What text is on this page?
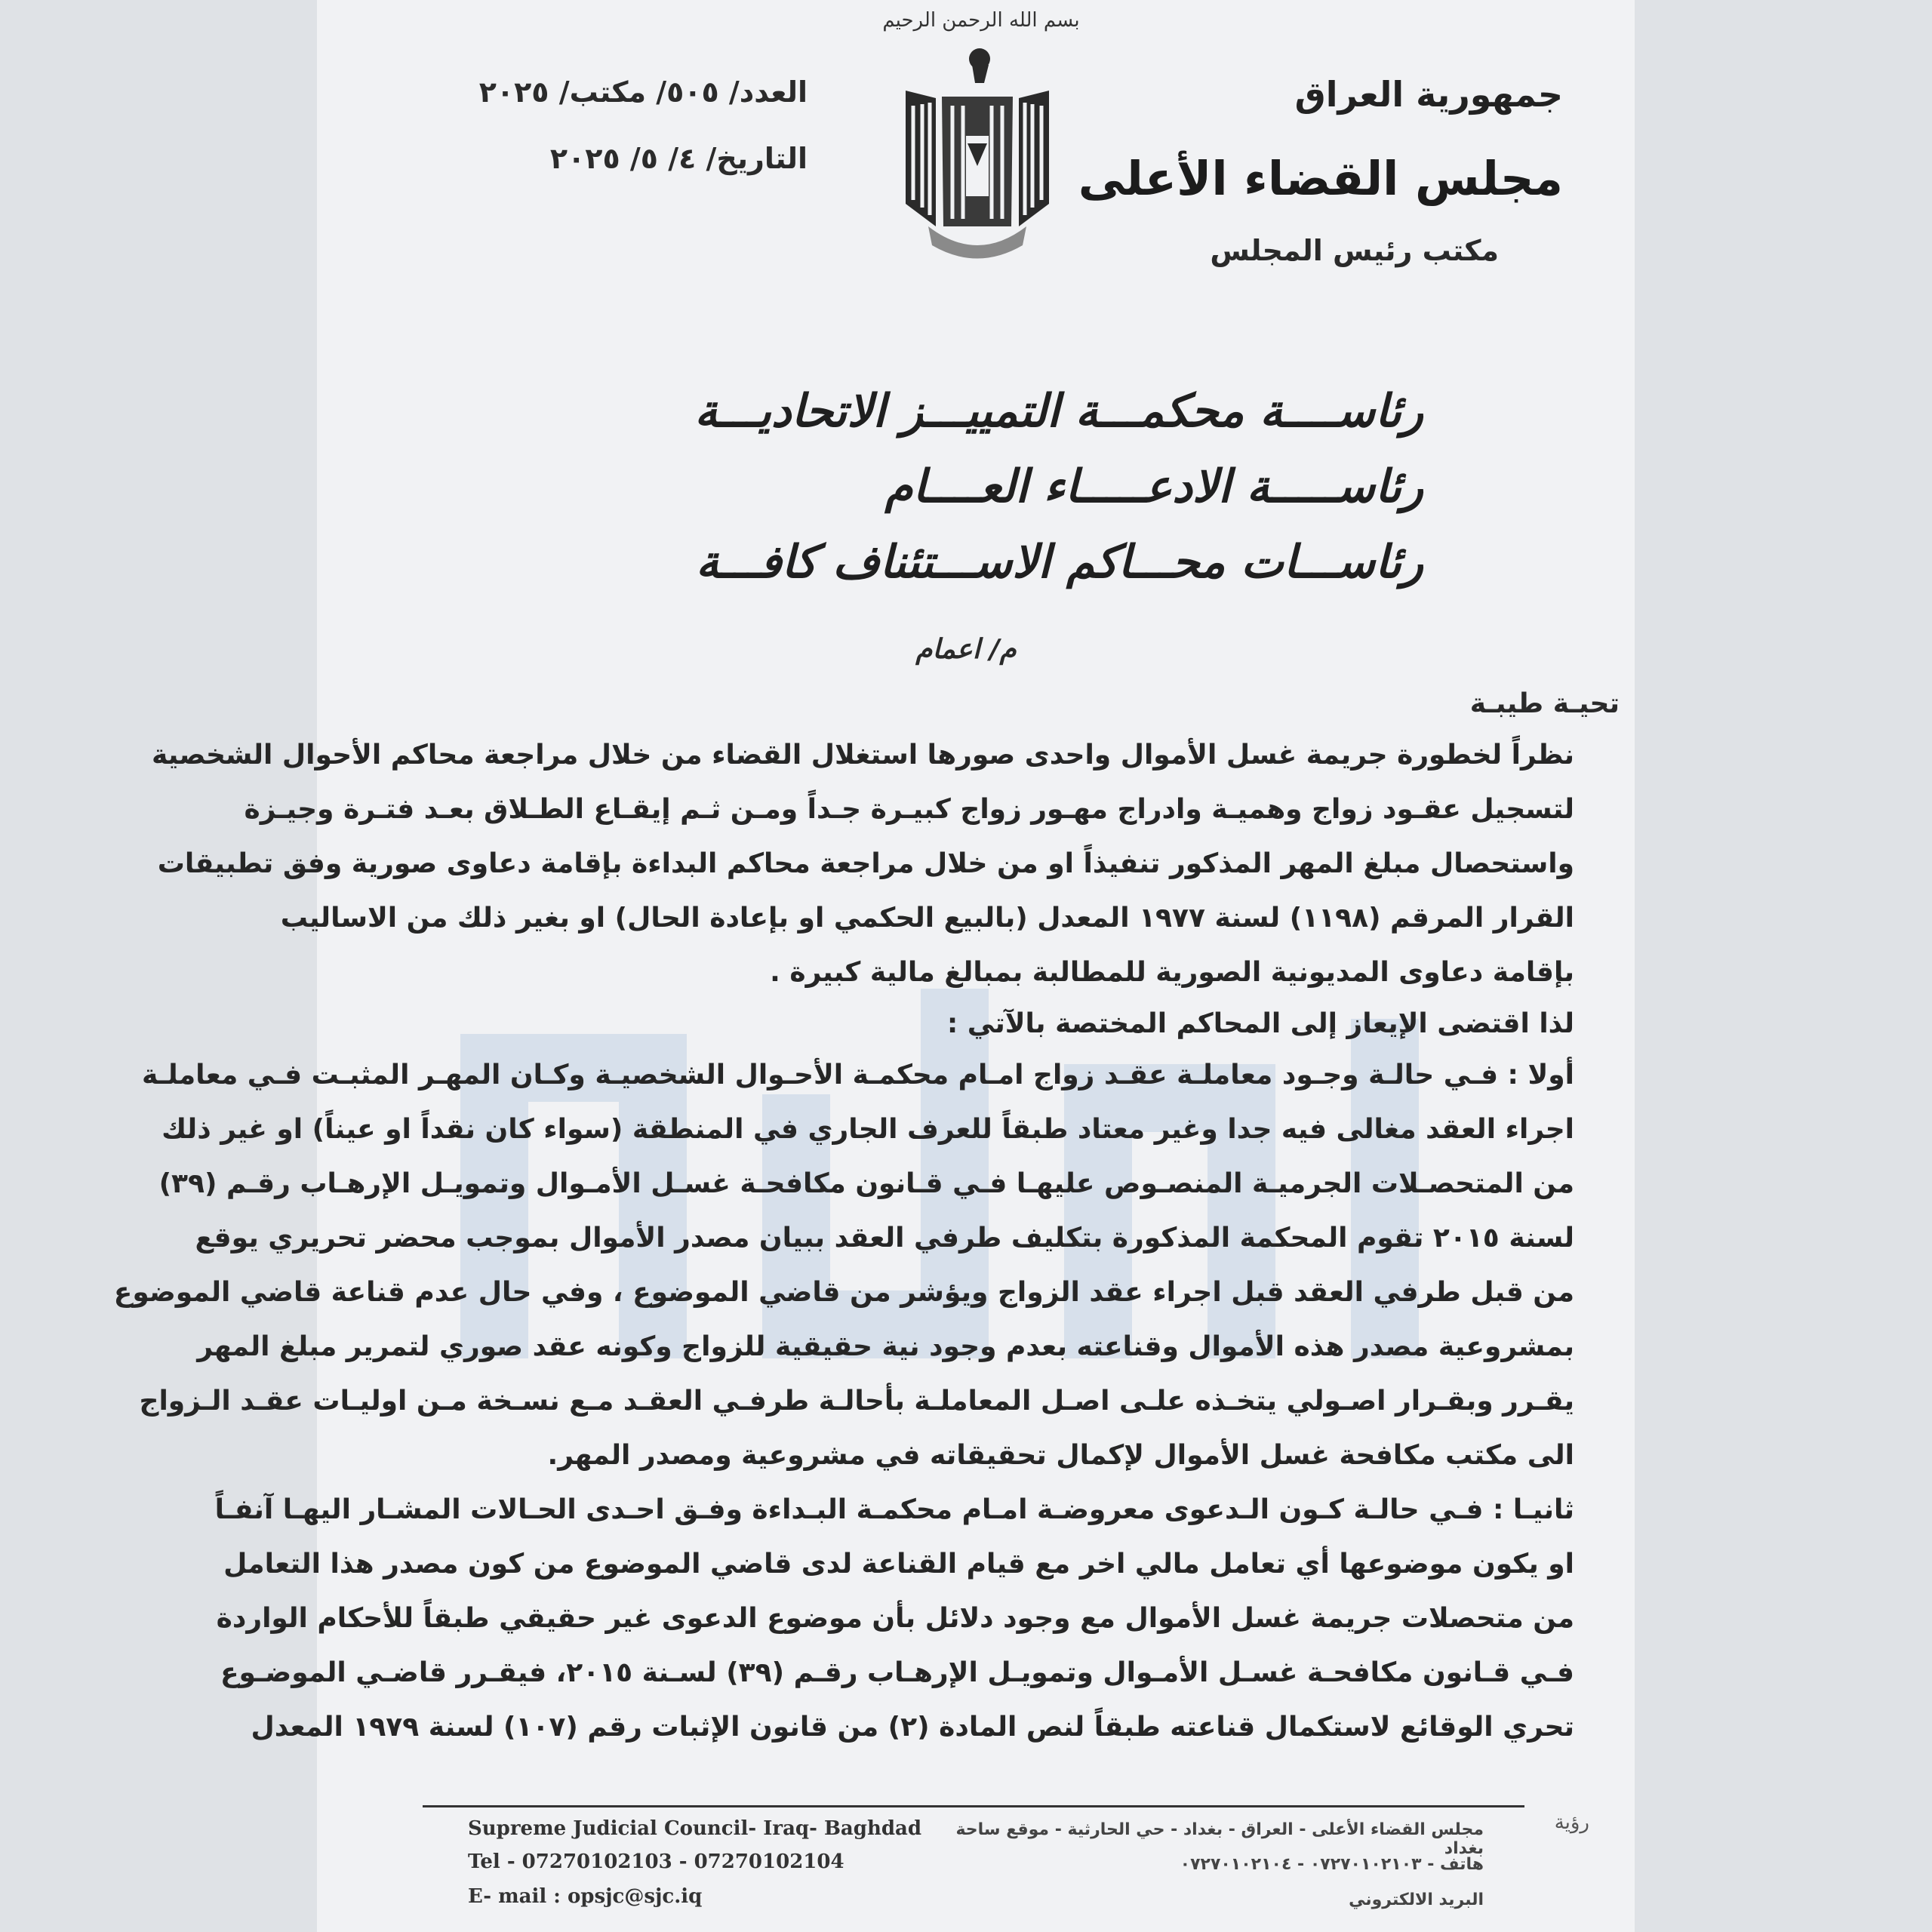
بسم الله الرحمن الرحيم
جمهورية العراق
مجلس القضاء الأعلى
مكتب رئيس المجلس
العدد/ ٥٠٥/ مكتب/ ٢٠٢٥
التاريخ/ ٤/ ٥/ ٢٠٢٥
رئاســــة محكمـــة التمييـــز الاتحاديـــة
رئاســـــة الادعـــــاء العــــام
رئاســـات محـــاكم الاســـتئناف كافـــة
م/ اعمام
تحيـة طيبـة
نظراً لخطورة جريمة غسل الأموال واحدى صورها استغلال القضاء من خلال مراجعة محاكم الأحوال الشخصية
لتسجيل عقـود زواج وهميـة وادراج مهـور زواج كبيـرة جـداً ومـن ثـم إيقـاع الطـلاق بعـد فتـرة وجيـزة
واستحصال مبلغ المهر المذكور تنفيذاً او من خلال مراجعة محاكم البداءة بإقامة دعاوى صورية وفق تطبيقات
القرار المرقم (١١٩٨) لسنة ١٩٧٧ المعدل (بالبيع الحكمي او بإعادة الحال) او بغير ذلك من الاساليب
بإقامة دعاوى المديونية الصورية للمطالبة بمبالغ مالية كبيرة .
لذا اقتضى الإيعاز إلى المحاكم المختصة بالآتي :
أولا : فـي حالـة وجـود معاملـة عقـد زواج امـام محكمـة الأحـوال الشخصيـة وكـان المهـر المثبـت فـي معاملـة
اجراء العقد مغالى فيه جدا وغير معتاد طبقاً للعرف الجاري في المنطقة (سواء كان نقداً او عيناً) او غير ذلك
من المتحصـلات الجرميـة المنصـوص عليهـا فـي قـانون مكافحـة غسـل الأمـوال وتمويـل الإرهـاب رقـم (٣٩)
لسنة ٢٠١٥ تقوم المحكمة المذكورة بتكليف طرفي العقد ببيان مصدر الأموال بموجب محضر تحريري يوقع
من قبل طرفي العقد قبل اجراء عقد الزواج ويؤشر من قاضي الموضوع ، وفي حال عدم قناعة قاضي الموضوع
بمشروعية مصدر هذه الأموال وقناعته بعدم وجود نية حقيقية للزواج وكونه عقد صوري لتمرير مبلغ المهر
يقـرر وبقـرار اصـولي يتخـذه علـى اصـل المعاملـة بأحالـة طرفـي العقـد مـع نسـخة مـن اوليـات عقـد الـزواج
الى مكتب مكافحة غسل الأموال لإكمال تحقيقاته في مشروعية ومصدر المهر.
ثانيـا : فـي حالـة كـون الـدعوى معروضـة امـام محكمـة البـداءة وفـق احـدى الحـالات المشـار اليهـا آنفـاً
او يكون موضوعها أي تعامل مالي اخر مع قيام القناعة لدى قاضي الموضوع من كون مصدر هذا التعامل
من متحصلات جريمة غسل الأموال مع وجود دلائل بأن موضوع الدعوى غير حقيقي طبقاً للأحكام الواردة
فـي قـانون مكافحـة غسـل الأمـوال وتمويـل الإرهـاب رقـم (٣٩) لسـنة ٢٠١٥، فيقـرر قاضـي الموضـوع
تحري الوقائع لاستكمال قناعته طبقاً لنص المادة (٢) من قانون الإثبات رقم (١٠٧) لسنة ١٩٧٩ المعدل
Supreme Judicial Council- Iraq- Baghdad
Tel - 07270102103 - 07270102104
E- mail : opsjc@sjc.iq
مجلس القضاء الأعلى - العراق - بغداد - حي الحارثية - موقع ساحة بغداد
هاتف - ٠٧٢٧٠١٠٢١٠٣ - ٠٧٢٧٠١٠٢١٠٤
البريد الالكتروني
رؤية
